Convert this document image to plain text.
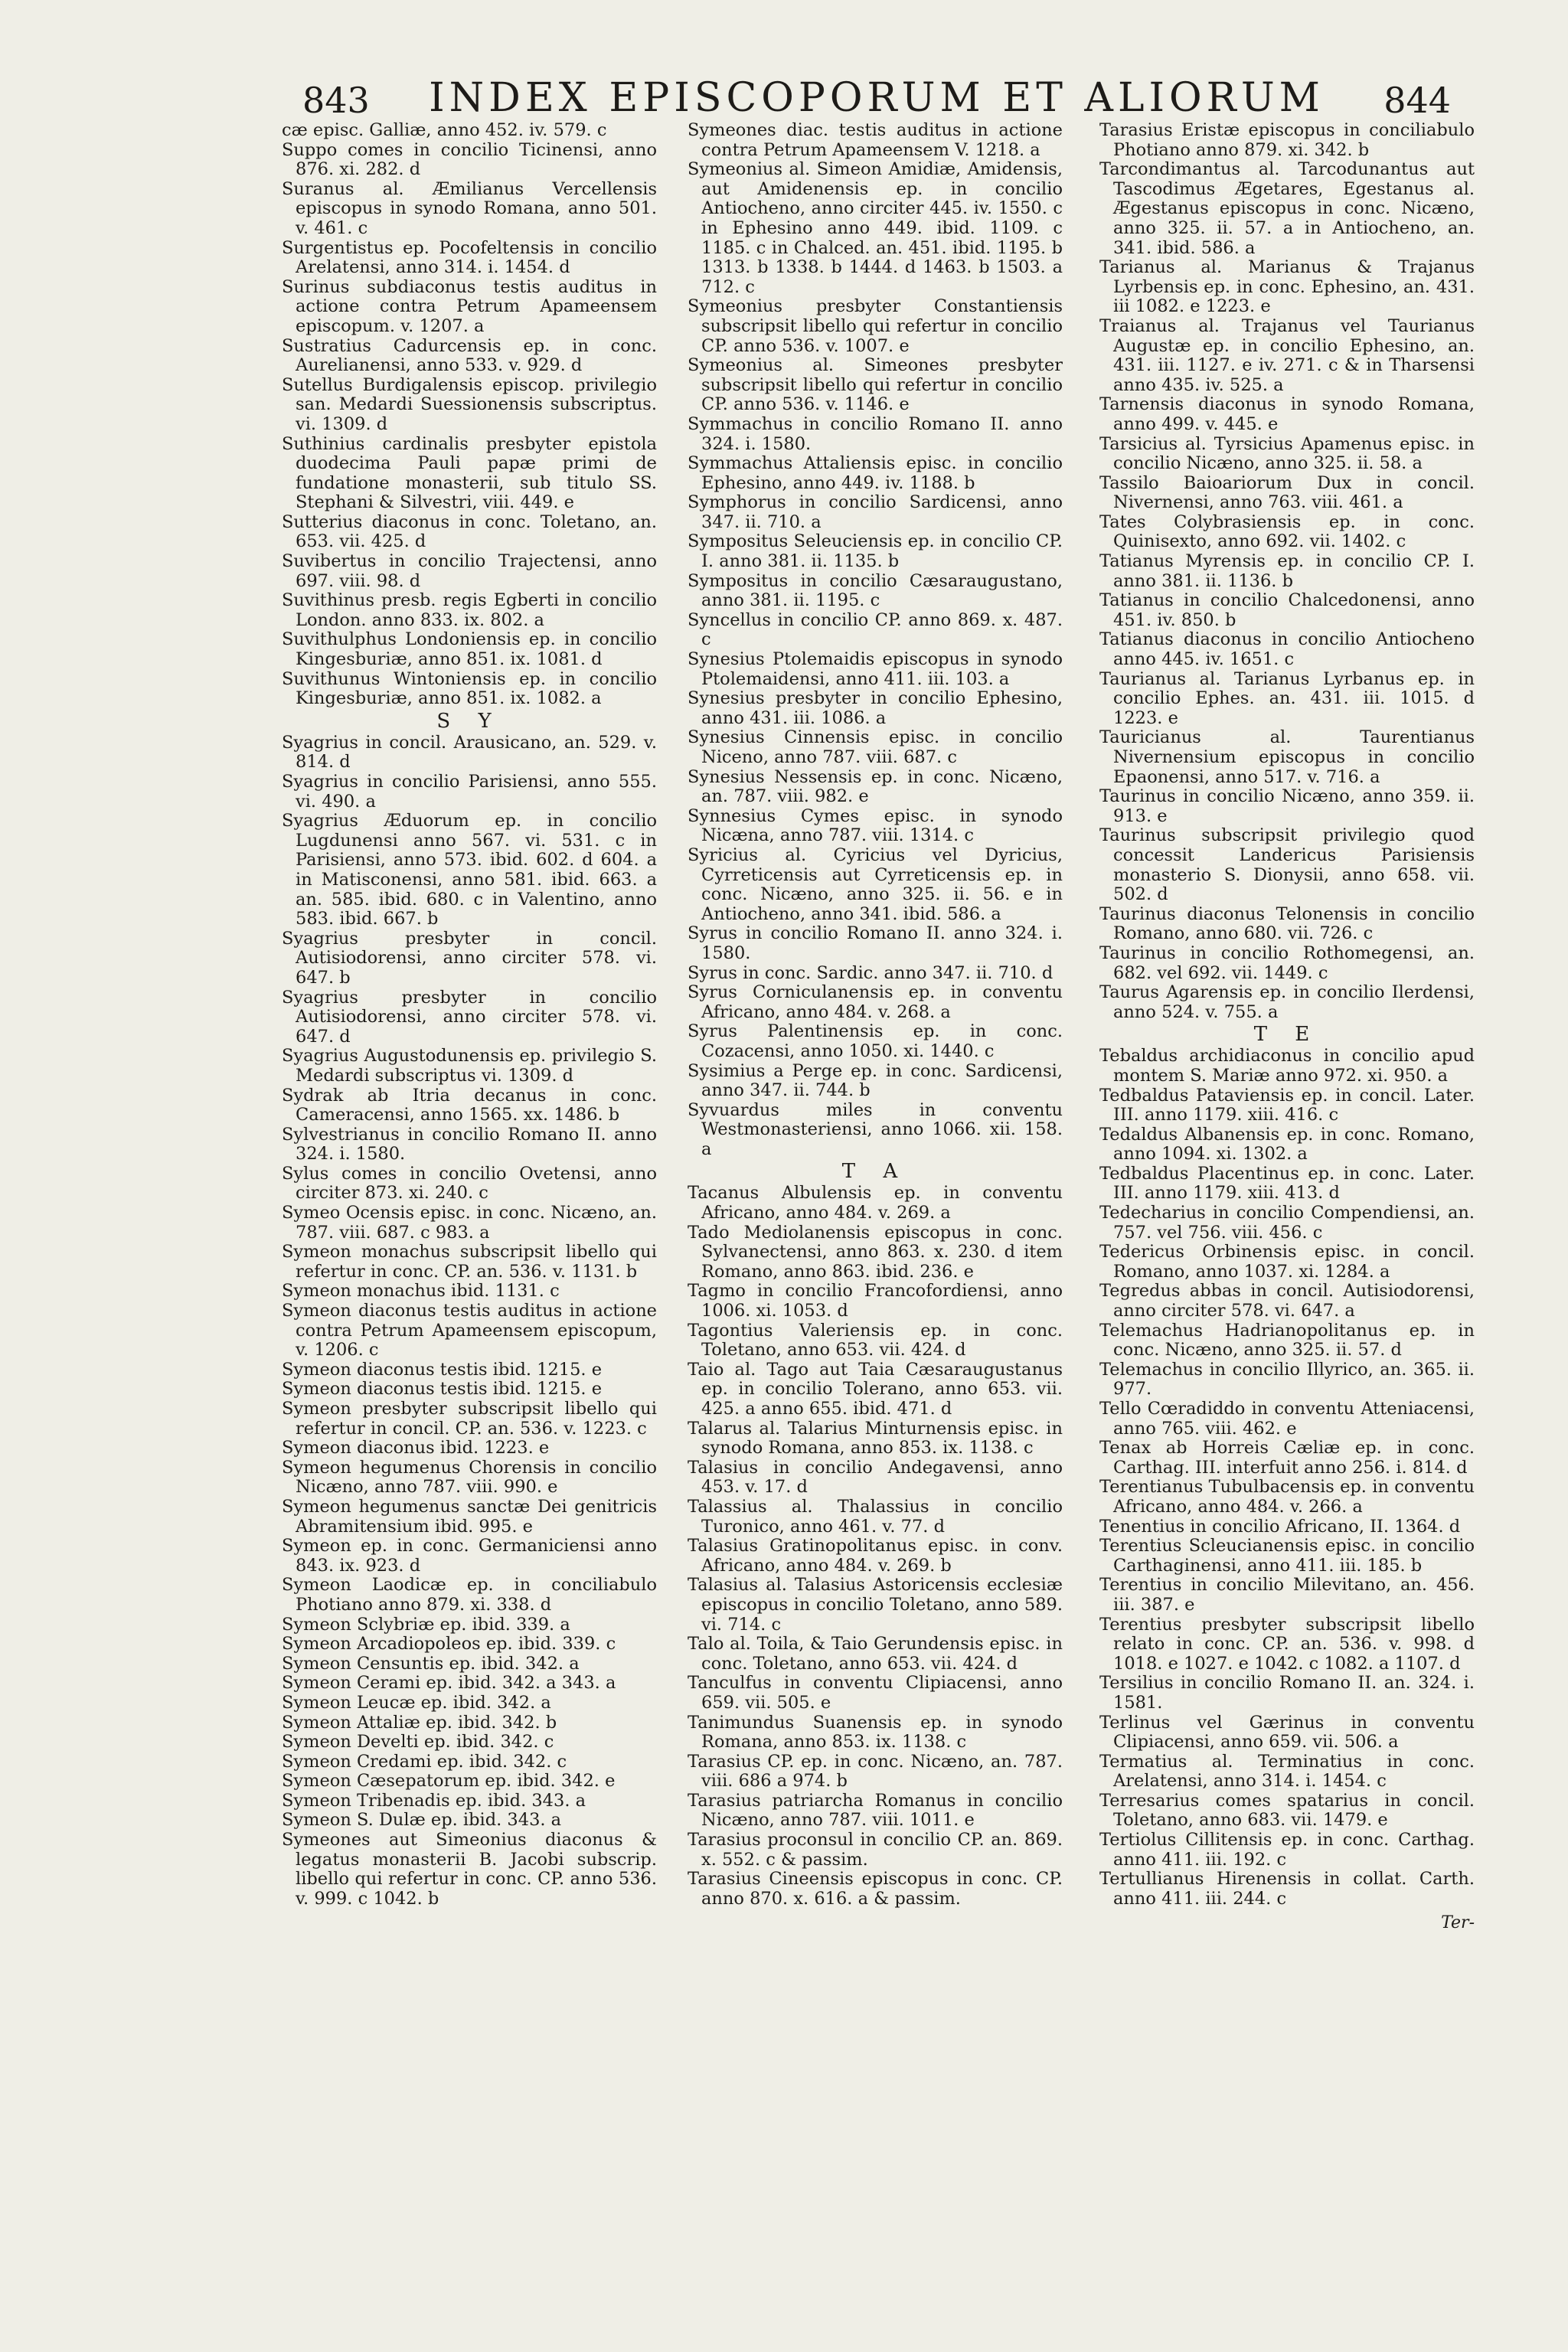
843	INDEX EPISCOPORUM ET ALIORUM	844
cæ episc. Galliæ, anno 452. iv. 579. c
Suppo comes in concilio Ticinensi, anno 876. xi. 282. d
Suranus al. Æmilianus Vercellensis episcopus in synodo Romana, anno 501. v. 461. c
Surgentistus ep. Pocofeltensis in concilio Arelatensi, anno 314. i. 1454. d
Surinus subdiaconus testis auditus in actione contra Petrum Apameensem episcopum. v. 1207. a
Sustratius Cadurcensis ep. in conc. Aurelianensi, anno 533. v. 929. d
Sutellus Burdigalensis episcop. privilegio san. Medardi Suessionensis subscriptus. vi. 1309. d
Suthinius cardinalis presbyter epistola duodecima Pauli papæ primi de fundatione monasterii, sub titulo SS. Stephani & Silvestri, viii. 449. e
Sutterius diaconus in conc. Toletano, an. 653. vii. 425. d
Suvibertus in concilio Trajectensi, anno 697. viii. 98. d
Suvithinus presb. regis Egberti in concilio London. anno 833. ix. 802. a
Suvithulphus Londoniensis ep. in concilio Kingesburiæ, anno 851. ix. 1081. d
Suvithunus Wintoniensis ep. in concilio Kingesburiæ, anno 851. ix. 1082. a
S Y
Syagrius in concil. Arausicano, an. 529. v. 814. d
Syagrius in concilio Parisiensi, anno 555. vi. 490. a
Syagrius Æduorum ep. in concilio Lugdunensi anno 567. vi. 531. c in Parisiensi, anno 573. ibid. 602. d 604. a in Matisconensi, anno 581. ibid. 663. a an. 585. ibid. 680. c in Valentino, anno 583. ibid. 667. b
Syagrius presbyter in concil. Autisiodorensi, anno circiter 578. vi. 647. b
Syagrius presbyter in concilio Autisiodorensi, anno circiter 578. vi. 647. d
Syagrius Augustodunensis ep. privilegio S. Medardi subscriptus vi. 1309. d
Sydrak ab Itria decanus in conc. Cameracensi, anno 1565. xx. 1486. b
Sylvestrianus in concilio Romano II. anno 324. i. 1580.
Sylus comes in concilio Ovetensi, anno circiter 873. xi. 240. c
Symeo Ocensis episc. in conc. Nicæno, an. 787. viii. 687. c 983. a
Symeon monachus subscripsit libello qui refertur in conc. CP. an. 536. v. 1131. b
Symeon monachus ibid. 1131. c
Symeon diaconus testis auditus in actione contra Petrum Apameensem episcopum, v. 1206. c
Symeon diaconus testis ibid. 1215. e
Symeon diaconus testis ibid. 1215. e
Symeon presbyter subscripsit libello qui refertur in concil. CP. an. 536. v. 1223. c
Symeon diaconus ibid. 1223. e
Symeon hegumenus Chorensis in concilio Nicæno, anno 787. viii. 990. e
Symeon hegumenus sanctæ Dei genitricis Abramitensium ibid. 995. e
Symeon ep. in conc. Germaniciensi anno 843. ix. 923. d
Symeon Laodicæ ep. in conciliabulo Photiano anno 879. xi. 338. d
Symeon Sclybriæ ep. ibid. 339. a
Symeon Arcadiopoleos ep. ibid. 339. c
Symeon Censuntis ep. ibid. 342. a
Symeon Cerami ep. ibid. 342. a 343. a
Symeon Leucæ ep. ibid. 342. a
Symeon Attaliæ ep. ibid. 342. b
Symeon Develti ep. ibid. 342. c
Symeon Credami ep. ibid. 342. c
Symeon Cæsepatorum ep. ibid. 342. e
Symeon Tribenadis ep. ibid. 343. a
Symeon S. Dulæ ep. ibid. 343. a
Symeones aut Simeonius diaconus & legatus monasterii B. Jacobi subscrip. libello qui refertur in conc. CP. anno 536. v. 999. c 1042. b
Symeones diac. testis auditus in actione contra Petrum Apameensem V. 1218. a
Symeonius al. Simeon Amidiæ, Amidensis, aut Amidenensis ep. in concilio Antiocheno, anno circiter 445. iv. 1550. c in Ephesino anno 449. ibid. 1109. c 1185. c in Chalced. an. 451. ibid. 1195. b 1313. b 1338. b 1444. d 1463. b 1503. a 712. c
Symeonius presbyter Constantiensis subscripsit libello qui refertur in concilio CP. anno 536. v. 1007. e
Symeonius al. Simeones presbyter subscripsit libello qui refertur in concilio CP. anno 536. v. 1146. e
Symmachus in concilio Romano II. anno 324. i. 1580.
Symmachus Attaliensis episc. in concilio Ephesino, anno 449. iv. 1188. b
Symphorus in concilio Sardicensi, anno 347. ii. 710. a
Sympositus Seleuciensis ep. in concilio CP. I. anno 381. ii. 1135. b
Sympositus in concilio Cæsaraugustano, anno 381. ii. 1195. c
Syncellus in concilio CP. anno 869. x. 487. c
Synesius Ptolemaidis episcopus in synodo Ptolemaidensi, anno 411. iii. 103. a
Synesius presbyter in concilio Ephesino, anno 431. iii. 1086. a
Synesius Cinnensis episc. in concilio Niceno, anno 787. viii. 687. c
Synesius Nessensis ep. in conc. Nicæno, an. 787. viii. 982. e
Synnesius Cymes episc. in synodo Nicæna, anno 787. viii. 1314. c
Syricius al. Cyricius vel Dyricius, Cyrreticensis aut Cyrreticensis ep. in conc. Nicæno, anno 325. ii. 56. e in Antiocheno, anno 341. ibid. 586. a
Syrus in concilio Romano II. anno 324. i. 1580.
Syrus in conc. Sardic. anno 347. ii. 710. d
Syrus Corniculanensis ep. in conventu Africano, anno 484. v. 268. a
Syrus Palentinensis ep. in conc. Cozacensi, anno 1050. xi. 1440. c
Sysimius a Perge ep. in conc. Sardicensi, anno 347. ii. 744. b
Syvuardus miles in conventu Westmonasteriensi, anno 1066. xii. 158. a
T A
Tacanus Albulensis ep. in conventu Africano, anno 484. v. 269. a
Tado Mediolanensis episcopus in conc. Sylvanectensi, anno 863. x. 230. d item Romano, anno 863. ibid. 236. e
Tagmo in concilio Francofordiensi, anno 1006. xi. 1053. d
Tagontius Valeriensis ep. in conc. Toletano, anno 653. vii. 424. d
Taio al. Tago aut Taia Cæsaraugustanus ep. in concilio Tolerano, anno 653. vii. 425. a anno 655. ibid. 471. d
Talarus al. Talarius Minturnensis episc. in synodo Romana, anno 853. ix. 1138. c
Talasius in concilio Andegavensi, anno 453. v. 17. d
Talassius al. Thalassius in concilio Turonico, anno 461. v. 77. d
Talasius Gratinopolitanus episc. in conv. Africano, anno 484. v. 269. b
Talasius al. Talasius Astoricensis ecclesiæ episcopus in concilio Toletano, anno 589. vi. 714. c
Talo al. Toila, & Taio Gerundensis episc. in conc. Toletano, anno 653. vii. 424. d
Tanculfus in conventu Clipiacensi, anno 659. vii. 505. e
Tanimundus Suanensis ep. in synodo Romana, anno 853. ix. 1138. c
Tarasius CP. ep. in conc. Nicæno, an. 787. viii. 686 a 974. b
Tarasius patriarcha Romanus in concilio Nicæno, anno 787. viii. 1011. e
Tarasius proconsul in concilio CP. an. 869. x. 552. c & passim.
Tarasius Cineensis episcopus in conc. CP. anno 870. x. 616. a & passim.
Tarasius Eristæ episcopus in conciliabulo Photiano anno 879. xi. 342. b
Tarcondimantus al. Tarcodunantus aut Tascodimus Ægetares, Egestanus al. Ægestanus episcopus in conc. Nicæno, anno 325. ii. 57. a in Antiocheno, an. 341. ibid. 586. a
Tarianus al. Marianus & Trajanus Lyrbensis ep. in conc. Ephesino, an. 431. iii 1082. e 1223. e
Traianus al. Trajanus vel Taurianus Augustæ ep. in concilio Ephesino, an. 431. iii. 1127. e iv. 271. c & in Tharsensi anno 435. iv. 525. a
Tarnensis diaconus in synodo Romana, anno 499. v. 445. e
Tarsicius al. Tyrsicius Apamenus episc. in concilio Nicæno, anno 325. ii. 58. a
Tassilo Baioariorum Dux in concil. Nivernensi, anno 763. viii. 461. a
Tates Colybrasiensis ep. in conc. Quinisexto, anno 692. vii. 1402. c
Tatianus Myrensis ep. in concilio CP. I. anno 381. ii. 1136. b
Tatianus in concilio Chalcedonensi, anno 451. iv. 850. b
Tatianus diaconus in concilio Antiocheno anno 445. iv. 1651. c
Taurianus al. Tarianus Lyrbanus ep. in concilio Ephes. an. 431. iii. 1015. d 1223. e
Tauricianus al. Taurentianus Nivernensium episcopus in concilio Epaonensi, anno 517. v. 716. a
Taurinus in concilio Nicæno, anno 359. ii. 913. e
Taurinus subscripsit privilegio quod concessit Landericus Parisiensis monasterio S. Dionysii, anno 658. vii. 502. d
Taurinus diaconus Telonensis in concilio Romano, anno 680. vii. 726. c
Taurinus in concilio Rothomegensi, an. 682. vel 692. vii. 1449. c
Taurus Agarensis ep. in concilio Ilerdensi, anno 524. v. 755. a
T E
Tebaldus archidiaconus in concilio apud montem S. Mariæ anno 972. xi. 950. a
Tedbaldus Pataviensis ep. in concil. Later. III. anno 1179. xiii. 416. c
Tedaldus Albanensis ep. in conc. Romano, anno 1094. xi. 1302. a
Tedbaldus Placentinus ep. in conc. Later. III. anno 1179. xiii. 413. d
Tedecharius in concilio Compendiensi, an. 757. vel 756. viii. 456. c
Tedericus Orbinensis episc. in concil. Romano, anno 1037. xi. 1284. a
Tegredus abbas in concil. Autisiodorensi, anno circiter 578. vi. 647. a
Telemachus Hadrianopolitanus ep. in conc. Nicæno, anno 325. ii. 57. d
Telemachus in concilio Illyrico, an. 365. ii. 977.
Tello Cœradiddo in conventu Atteniacensi, anno 765. viii. 462. e
Tenax ab Horreis Cæliæ ep. in conc. Carthag. III. interfuit anno 256. i. 814. d
Terentianus Tubulbacensis ep. in conventu Africano, anno 484. v. 266. a
Tenentius in concilio Africano, II. 1364. d
Terentius Scleucianensis episc. in concilio Carthaginensi, anno 411. iii. 185. b
Terentius in concilio Milevitano, an. 456. iii. 387. e
Terentius presbyter subscripsit libello relato in conc. CP. an. 536. v. 998. d 1018. e 1027. e 1042. c 1082. a 1107. d
Tersilius in concilio Romano II. an. 324. i. 1581.
Terlinus vel Gærinus in conventu Clipiacensi, anno 659. vii. 506. a
Termatius al. Terminatius in conc. Arelatensi, anno 314. i. 1454. c
Terresarius comes spatarius in concil. Toletano, anno 683. vii. 1479. e
Tertiolus Cillitensis ep. in conc. Carthag. anno 411. iii. 192. c
Tertullianus Hirenensis in collat. Carth. anno 411. iii. 244. c
Ter-
